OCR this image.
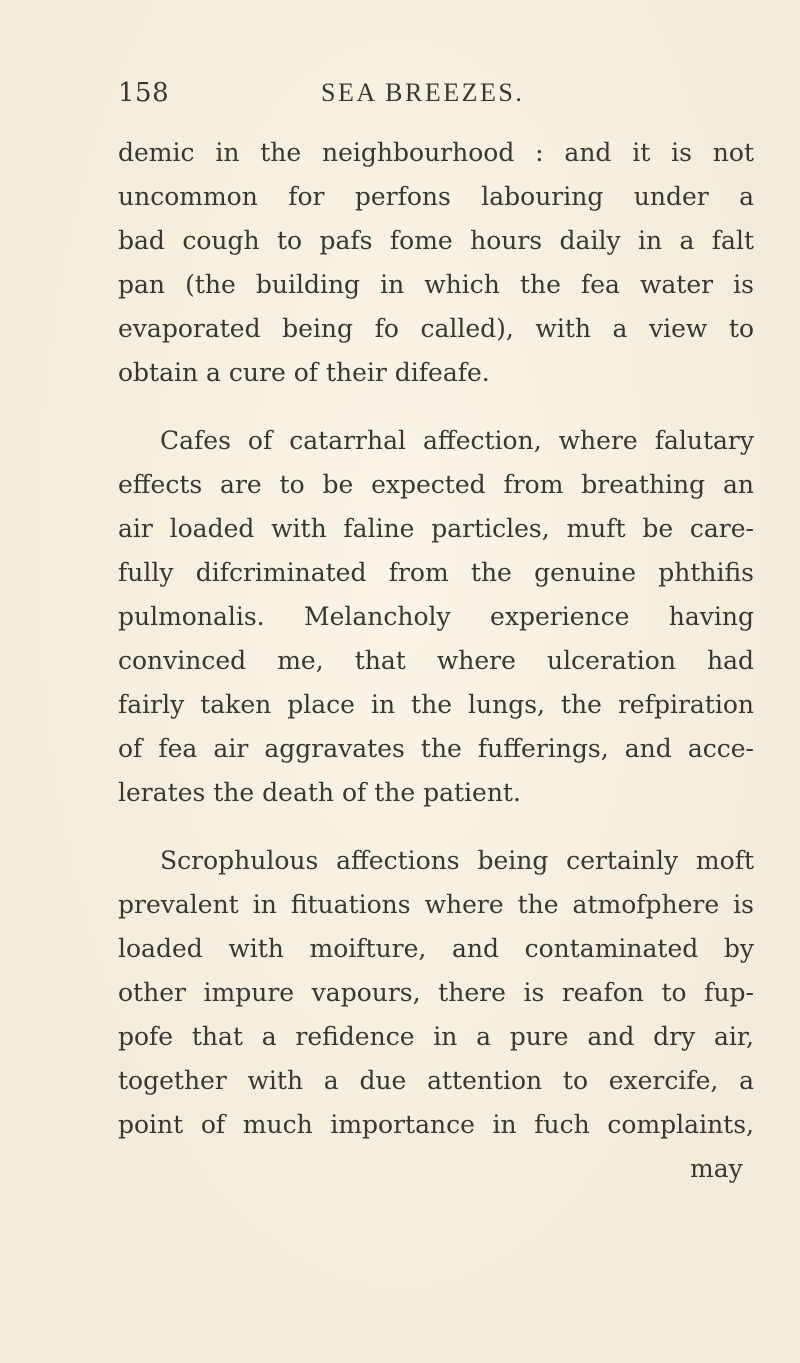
158	SEA BREEZES.
demic in the neighbourhood : and it is not
uncommon for perfons labouring under a
bad cough to pafs fome hours daily in a falt
pan (the building in which the fea water is
evaporated being fo called), with a view to
obtain a cure of their difeafe.
Cafes of catarrhal affection, where falutary
effects are to be expected from breathing an
air loaded with faline particles, muft be care-
fully difcriminated from the genuine phthifis
pulmonalis. Melancholy experience having
convinced me, that where ulceration had
fairly taken place in the lungs, the refpiration
of fea air aggravates the fufferings, and acce-
lerates the death of the patient.
Scrophulous affections being certainly moft
prevalent in fituations where the atmofphere is
loaded with moifture, and contaminated by
other impure vapours, there is reafon to fup-
pofe that a refidence in a pure and dry air,
together with a due attention to exercife, a
point of much importance in fuch complaints,
may
